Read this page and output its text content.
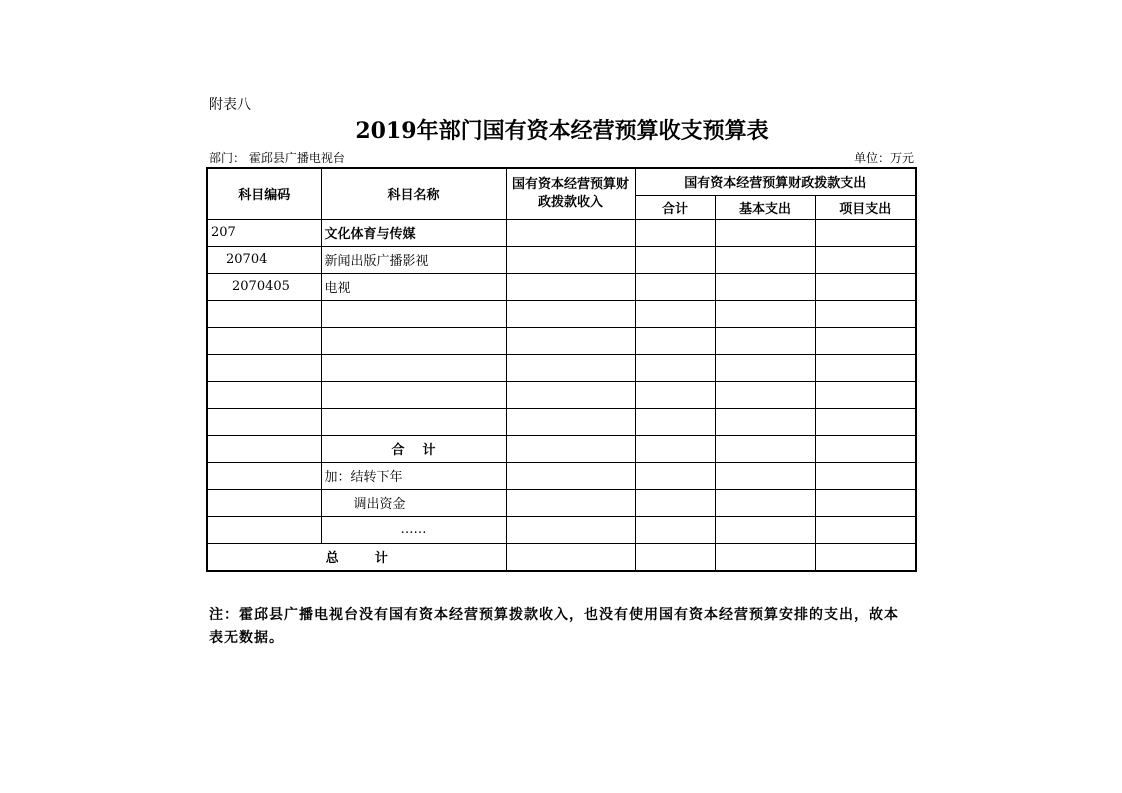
附表八
2019年部门国有资本经营预算收支预算表
部门： 霍邱县广播电视台	单位：万元
科目编码	科目名称	国有资本经营预算财政拨款收入	国有资本经营预算财政拨款支出		
			合计	基本支出	项目支出
207	文化体育与传媒				
20704	新闻出版广播影视				
2070405	电视				

	合    计				
	加：结转下年				
	调出资金				
	……				
总        计					
注：霍邱县广播电视台没有国有资本经营预算拨款收入，也没有使用国有资本经营预算安排的支出，故本表无数据。
